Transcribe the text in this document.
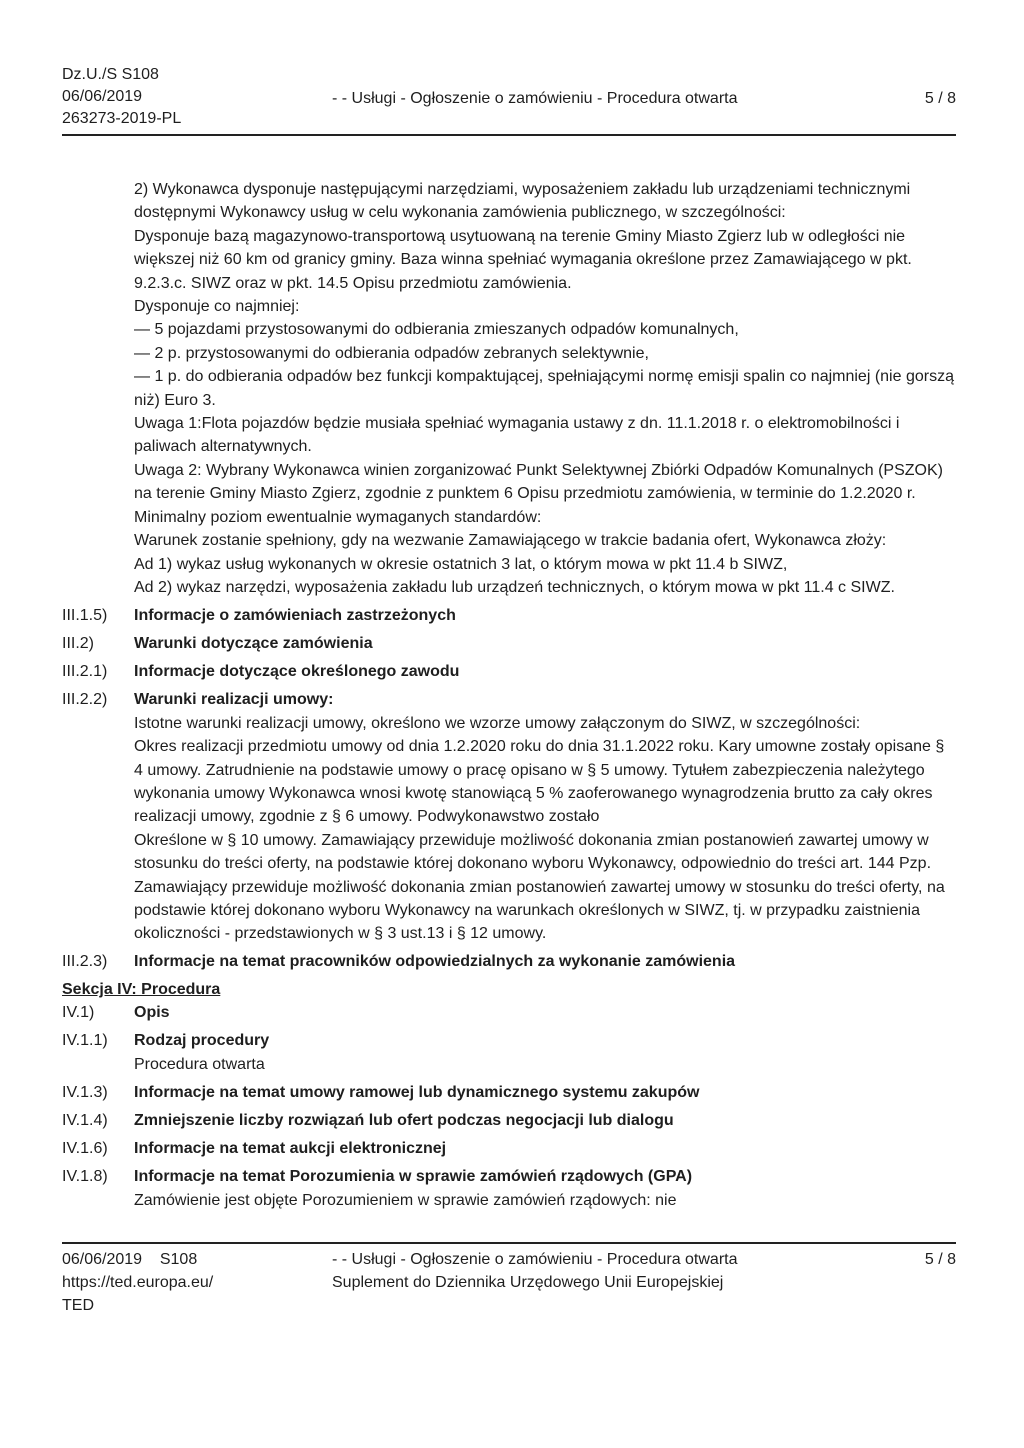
Dz.U./S S108
06/06/2019
263273-2019-PL
- - Usługi - Ogłoszenie o zamówieniu - Procedura otwarta	5 / 8

2) Wykonawca dysponuje następującymi narzędziami, wyposażeniem zakładu lub urządzeniami technicznymi dostępnymi Wykonawcy usług w celu wykonania zamówienia publicznego, w szczególności:

Dysponuje bazą magazynowo-transportową usytuowaną na terenie Gminy Miasto Zgierz lub w odległości nie większej niż 60 km od granicy gminy. Baza winna spełniać wymagania określone przez Zamawiającego w pkt. 9.2.3.c. SIWZ oraz w pkt. 14.5 Opisu przedmiotu zamówienia.

Dysponuje co najmniej:

— 5 pojazdami przystosowanymi do odbierania zmieszanych odpadów komunalnych,

— 2 p. przystosowanymi do odbierania odpadów zebranych selektywnie,

— 1 p. do odbierania odpadów bez funkcji kompaktującej, spełniającymi normę emisji spalin co najmniej (nie gorszą niż) Euro 3.

Uwaga 1:Flota pojazdów będzie musiała spełniać wymagania ustawy z dn. 11.1.2018 r. o elektromobilności i paliwach alternatywnych.

Uwaga 2: Wybrany Wykonawca winien zorganizować Punkt Selektywnej Zbiórki Odpadów Komunalnych (PSZOK) na terenie Gminy Miasto Zgierz, zgodnie z punktem 6 Opisu przedmiotu zamówienia, w terminie do 1.2.2020 r.

Minimalny poziom ewentualnie wymaganych standardów:

Warunek zostanie spełniony, gdy na wezwanie Zamawiającego w trakcie badania ofert, Wykonawca złoży:

Ad 1) wykaz usług wykonanych w okresie ostatnich 3 lat, o którym mowa w pkt 11.4 b SIWZ,

Ad 2) wykaz narzędzi, wyposażenia zakładu lub urządzeń technicznych, o którym mowa w pkt 11.4 c SIWZ.

III.1.5)	Informacje o zamówieniach zastrzeżonych
III.2)	Warunki dotyczące zamówienia
III.2.1)	Informacje dotyczące określonego zawodu
III.2.2)	Warunki realizacji umowy:

Istotne warunki realizacji umowy, określono we wzorze umowy załączonym do SIWZ, w szczególności:

Okres realizacji przedmiotu umowy od dnia 1.2.2020 roku do dnia 31.1.2022 roku. Kary umowne zostały opisane § 4 umowy. Zatrudnienie na podstawie umowy o pracę opisano w § 5 umowy. Tytułem zabezpieczenia należytego wykonania umowy Wykonawca wnosi kwotę stanowiącą 5 % zaoferowanego wynagrodzenia brutto za cały okres realizacji umowy, zgodnie z § 6 umowy. Podwykonawstwo zostało

Określone w § 10 umowy. Zamawiający przewiduje możliwość dokonania zmian postanowień zawartej umowy w stosunku do treści oferty, na podstawie której dokonano wyboru Wykonawcy, odpowiednio do treści art. 144 Pzp. Zamawiający przewiduje możliwość dokonania zmian postanowień zawartej umowy w stosunku do treści oferty, na podstawie której dokonano wyboru Wykonawcy na warunkach określonych w SIWZ, tj. w przypadku zaistnienia okoliczności - przedstawionych w § 3 ust.13 i § 12 umowy.

III.2.3)	Informacje na temat pracowników odpowiedzialnych za wykonanie zamówienia
Sekcja IV: Procedura
IV.1)	Opis
IV.1.1)	Rodzaj procedury
Procedura otwarta
IV.1.3)	Informacje na temat umowy ramowej lub dynamicznego systemu zakupów
IV.1.4)	Zmniejszenie liczby rozwiązań lub ofert podczas negocjacji lub dialogu
IV.1.6)	Informacje na temat aukcji elektronicznej
IV.1.8)	Informacje na temat Porozumienia w sprawie zamówień rządowych (GPA)
Zamówienie jest objęte Porozumieniem w sprawie zamówień rządowych: nie
06/06/2019 S108
https://ted.europa.eu/
TED
- - Usługi - Ogłoszenie o zamówieniu - Procedura otwarta
Suplement do Dziennika Urzędowego Unii Europejskiej
5 / 8
